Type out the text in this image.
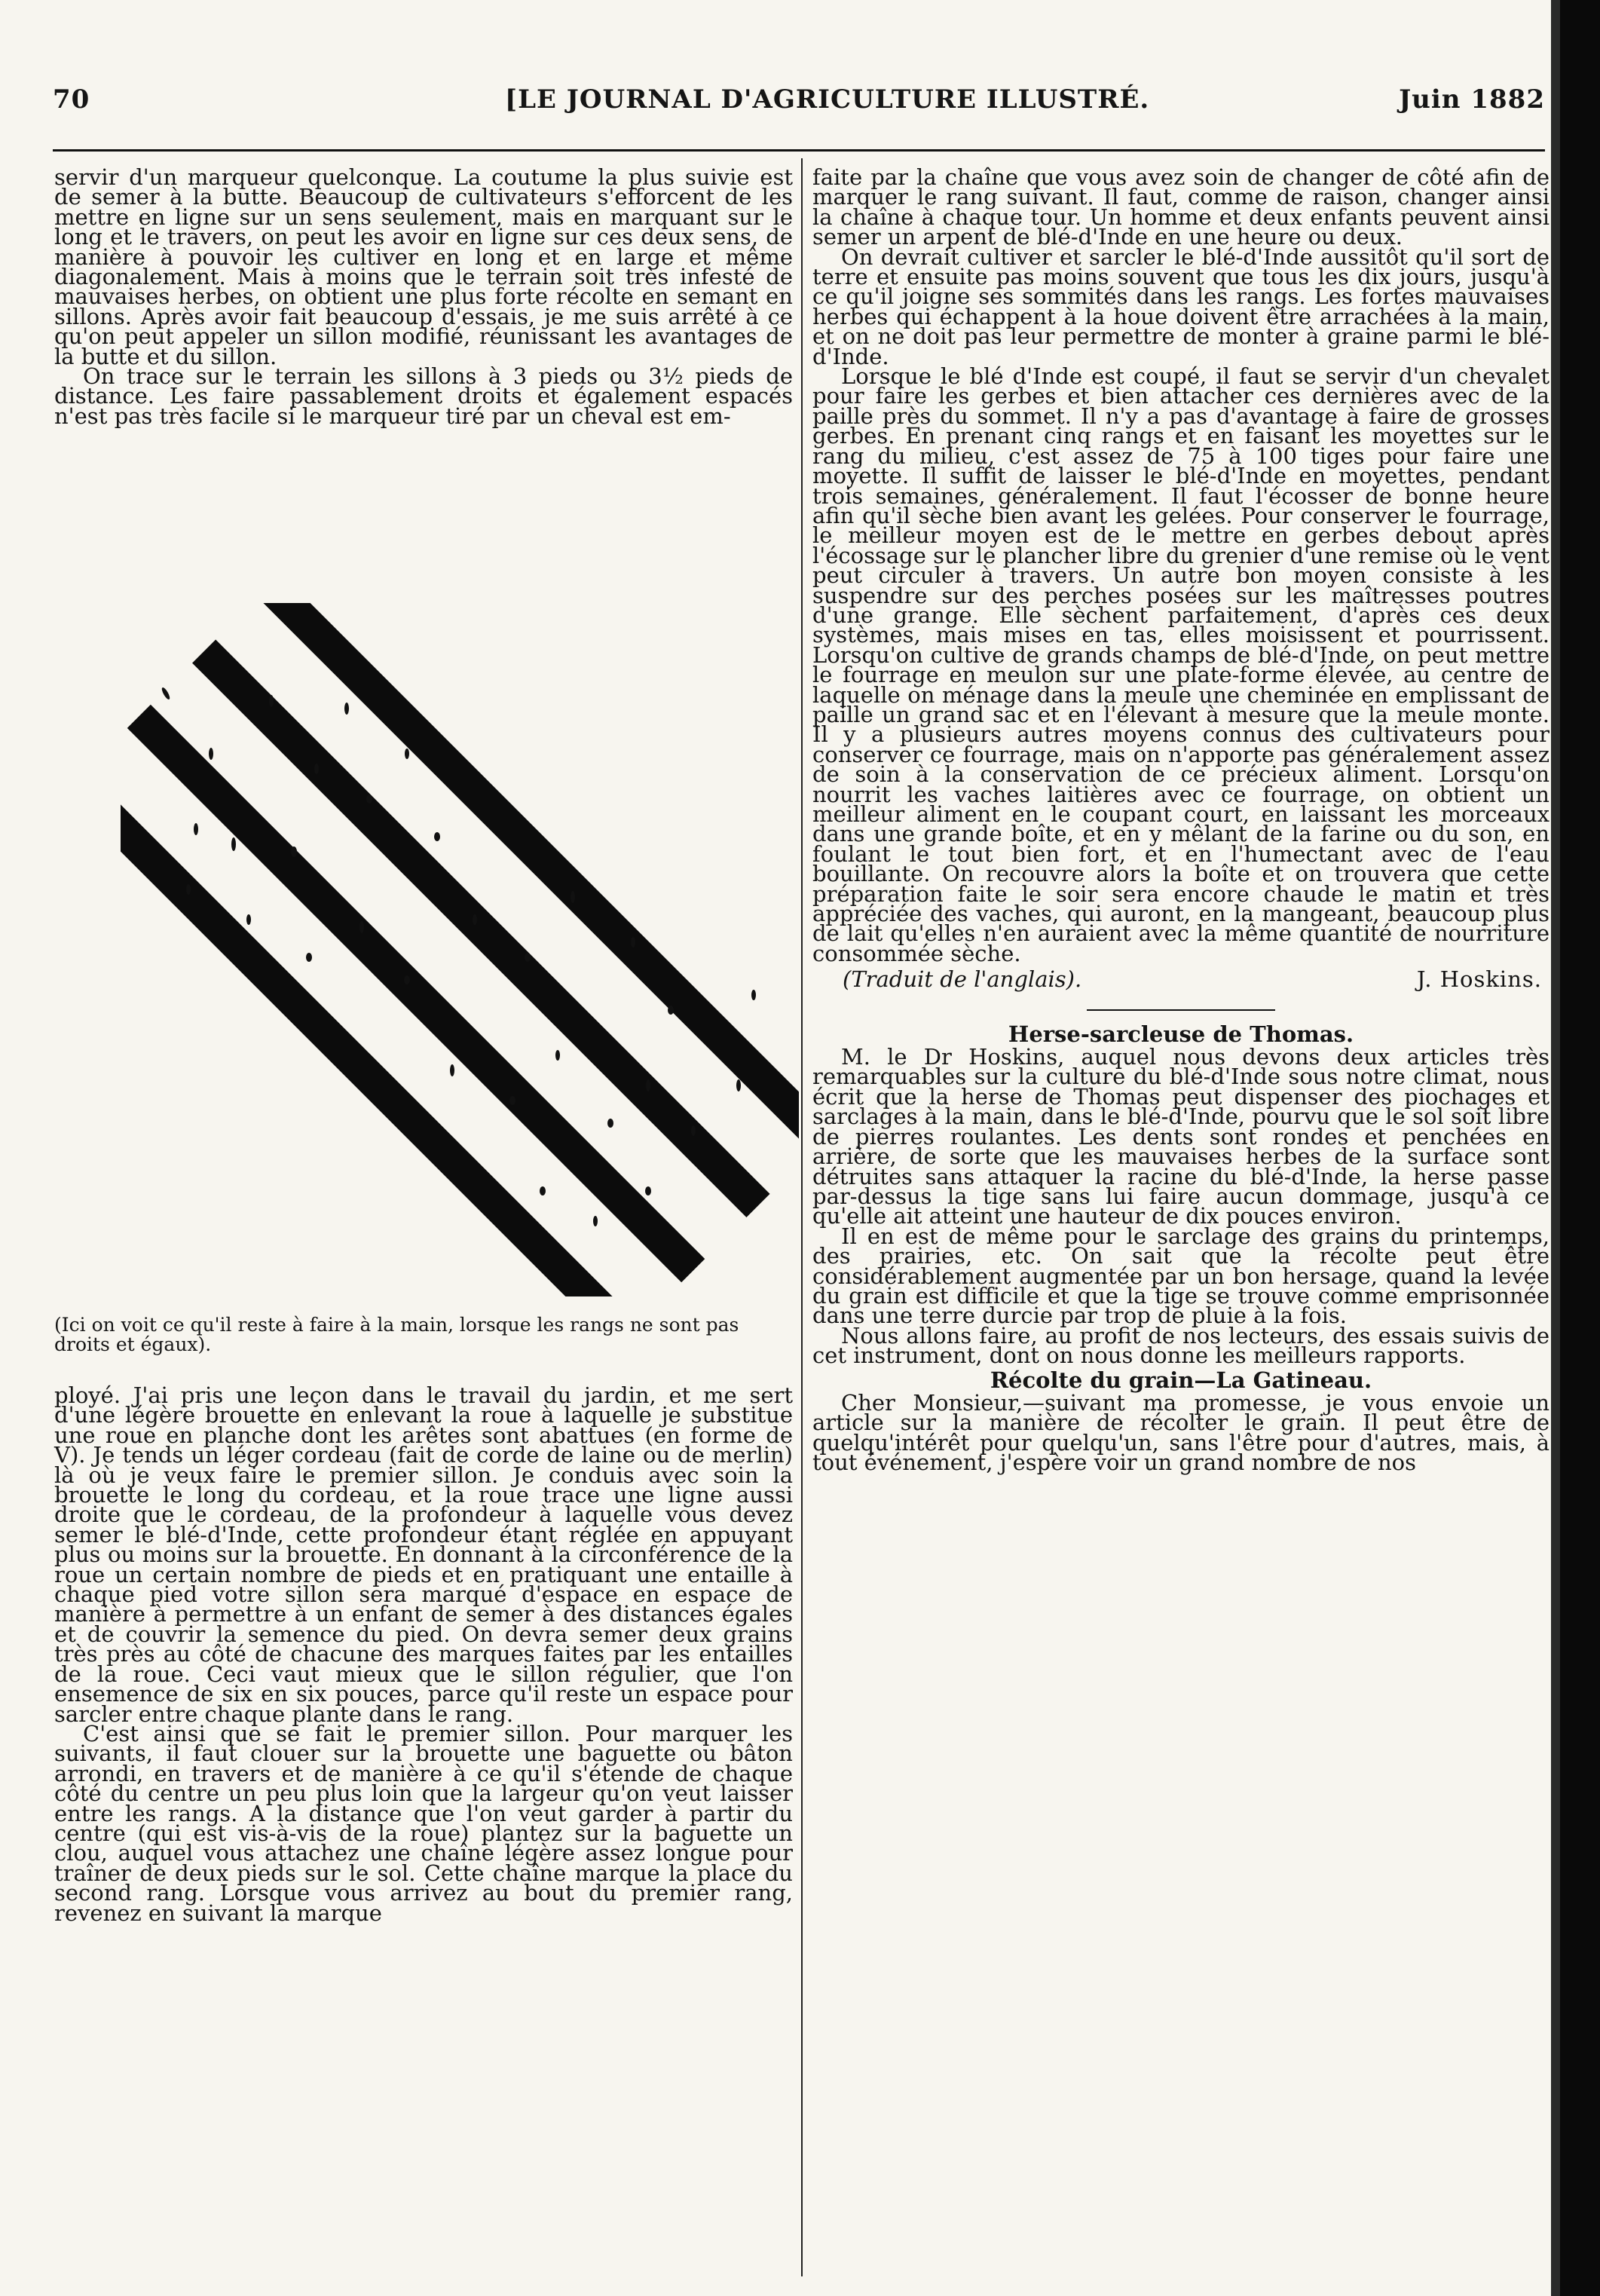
70	[LE JOURNAL D'AGRICULTURE ILLUSTRÉ.	Juin 1882

servir d'un marqueur quelconque. La coutume la plus suivie est de semer à la butte. Beaucoup de cultivateurs s'efforcent de les mettre en ligne sur un sens seulement, mais en marquant sur le long et le travers, on peut les avoir en ligne sur ces deux sens, de manière à pouvoir les cultiver en long et en large et même diagonalement. Mais à moins que le terrain soit très infesté de mauvaises herbes, on obtient une plus forte récolte en semant en sillons. Après avoir fait beaucoup d'essais, je me suis arrêté à ce qu'on peut appeler un sillon modifié, réunissant les avantages de la butte et du sillon.

On trace sur le terrain les sillons à 3 pieds ou 3½ pieds de distance. Les faire passablement droits et également espacés n'est pas très facile si le marqueur tiré par un cheval est em-

(Ici on voit ce qu'il reste à faire à la main, lorsque les rangs ne sont pas droits et égaux).

ployé. J'ai pris une leçon dans le travail du jardin, et me sert d'une légère brouette en enlevant la roue à laquelle je substitue une roue en planche dont les arêtes sont abattues (en forme de V). Je tends un léger cordeau (fait de corde de laine ou de merlin) là où je veux faire le premier sillon. Je conduis avec soin la brouette le long du cordeau, et la roue trace une ligne aussi droite que le cordeau, de la profondeur à laquelle vous devez semer le blé-d'Inde, cette profondeur étant réglée en appuyant plus ou moins sur la brouette. En donnant à la circonférence de la roue un certain nombre de pieds et en pratiquant une entaille à chaque pied votre sillon sera marqué d'espace en espace de manière à permettre à un enfant de semer à des distances égales et de couvrir la semence du pied. On devra semer deux grains très près au côté de chacune des marques faites par les entailles de la roue. Ceci vaut mieux que le sillon régulier, que l'on ensemence de six en six pouces, parce qu'il reste un espace pour sarcler entre chaque plante dans le rang.

C'est ainsi que se fait le premier sillon. Pour marquer les suivants, il faut clouer sur la brouette une baguette ou bâton arrondi, en travers et de manière à ce qu'il s'étende de chaque côté du centre un peu plus loin que la largeur qu'on veut laisser entre les rangs. A la distance que l'on veut garder à partir du centre (qui est vis-à-vis de la roue) plantez sur la baguette un clou, auquel vous attachez une chaîne légère assez longue pour traîner de deux pieds sur le sol. Cette chaîne marque la place du second rang. Lorsque vous arrivez au bout du premier rang, revenez en suivant la marque

faite par la chaîne que vous avez soin de changer de côté afin de marquer le rang suivant. Il faut, comme de raison, changer ainsi la chaîne à chaque tour. Un homme et deux enfants peuvent ainsi semer un arpent de blé-d'Inde en une heure ou deux.

On devrait cultiver et sarcler le blé-d'Inde aussitôt qu'il sort de terre et ensuite pas moins souvent que tous les dix jours, jusqu'à ce qu'il joigne ses sommités dans les rangs. Les fortes mauvaises herbes qui échappent à la houe doivent être arrachées à la main, et on ne doit pas leur permettre de monter à graine parmi le blé-d'Inde.

Lorsque le blé d'Inde est coupé, il faut se servir d'un chevalet pour faire les gerbes et bien attacher ces dernières avec de la paille près du sommet. Il n'y a pas d'avantage à faire de grosses gerbes. En prenant cinq rangs et en faisant les moyettes sur le rang du milieu, c'est assez de 75 à 100 tiges pour faire une moyette. Il suffit de laisser le blé-d'Inde en moyettes, pendant trois semaines, généralement. Il faut l'écosser de bonne heure afin qu'il sèche bien avant les gelées. Pour conserver le fourrage, le meilleur moyen est de le mettre en gerbes debout après l'écossage sur le plancher libre du grenier d'une remise où le vent peut circuler à travers. Un autre bon moyen consiste à les suspendre sur des perches posées sur les maîtresses poutres d'une grange. Elle sèchent parfaitement, d'après ces deux systèmes, mais mises en tas, elles moisissent et pourrissent. Lorsqu'on cultive de grands champs de blé-d'Inde, on peut mettre le fourrage en meulon sur une plate-forme élevée, au centre de laquelle on ménage dans la meule une cheminée en emplissant de paille un grand sac et en l'élevant à mesure que la meule monte. Il y a plusieurs autres moyens connus des cultivateurs pour conserver ce fourrage, mais on n'apporte pas généralement assez de soin à la conservation de ce précieux aliment. Lorsqu'on nourrit les vaches laitières avec ce fourrage, on obtient un meilleur aliment en le coupant court, en laissant les morceaux dans une grande boîte, et en y mêlant de la farine ou du son, en foulant le tout bien fort, et en l'humectant avec de l'eau bouillante. On recouvre alors la boîte et on trouvera que cette préparation faite le soir sera encore chaude le matin et très appréciée des vaches, qui auront, en la mangeant, beaucoup plus de lait qu'elles n'en auraient avec la même quantité de nourriture consommée sèche.

(Traduit de l'anglais).	J. Hoskins.
Herse-sarcleuse de Thomas.

M. le Dr Hoskins, auquel nous devons deux articles très remarquables sur la culture du blé-d'Inde sous notre climat, nous écrit que la herse de Thomas peut dispenser des piochages et sarclages à la main, dans le blé-d'Inde, pourvu que le sol soit libre de pierres roulantes. Les dents sont rondes et penchées en arrière, de sorte que les mauvaises herbes de la surface sont détruites sans attaquer la racine du blé-d'Inde, la herse passe par-dessus la tige sans lui faire aucun dommage, jusqu'à ce qu'elle ait atteint une hauteur de dix pouces environ.

Il en est de même pour le sarclage des grains du printemps, des prairies, etc. On sait que la récolte peut être considérablement augmentée par un bon hersage, quand la levée du grain est difficile et que la tige se trouve comme emprisonnée dans une terre durcie par trop de pluie à la fois.

Nous allons faire, au profit de nos lecteurs, des essais suivis de cet instrument, dont on nous donne les meilleurs rapports.

Récolte du grain—La Gatineau.

Cher Monsieur,—suivant ma promesse, je vous envoie un article sur la manière de récolter le grain. Il peut être de quelqu'intérêt pour quelqu'un, sans l'être pour d'autres, mais, à tout événement, j'espère voir un grand nombre de nos
